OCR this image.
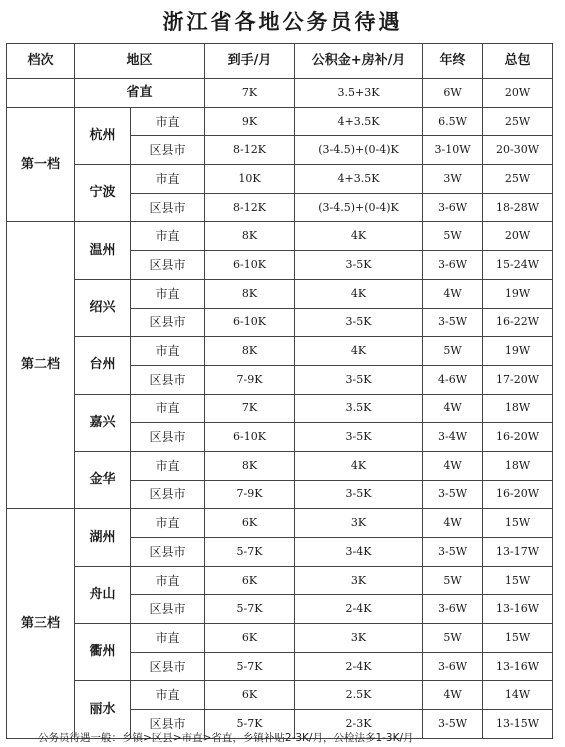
浙江省各地公务员待遇
档次	地区		到手/月	公积金+房补/月	年终	总包
	省直		7K	3.5+3K	6W	20W
第一档	杭州	市直	9K	4+3.5K	6.5W	25W
		区县市	8-12K	(3-4.5)+(0-4)K	3-10W	20-30W
	宁波	市直	10K	4+3.5K	3W	25W
		区县市	8-12K	(3-4.5)+(0-4)K	3-6W	18-28W
第二档	温州	市直	8K	4K	5W	20W
		区县市	6-10K	3-5K	3-6W	15-24W
	绍兴	市直	8K	4K	4W	19W
		区县市	6-10K	3-5K	3-5W	16-22W
	台州	市直	8K	4K	5W	19W
		区县市	7-9K	3-5K	4-6W	17-20W
	嘉兴	市直	7K	3.5K	4W	18W
		区县市	6-10K	3-5K	3-4W	16-20W
	金华	市直	8K	4K	4W	18W
		区县市	7-9K	3-5K	3-5W	16-20W
第三档	湖州	市直	6K	3K	4W	15W
		区县市	5-7K	3-4K	3-5W	13-17W
	舟山	市直	6K	3K	5W	15W
		区县市	5-7K	2-4K	3-6W	13-16W
	衢州	市直	6K	3K	5W	15W
		区县市	5-7K	2-4K	3-6W	13-16W
	丽水	市直	6K	2.5K	4W	14W
		区县市	5-7K	2-3K	3-5W	13-15W
公务员待遇一般：乡镇>区县>市直>省直，乡镇补贴2-3K/月，公检法多1-3K/月
